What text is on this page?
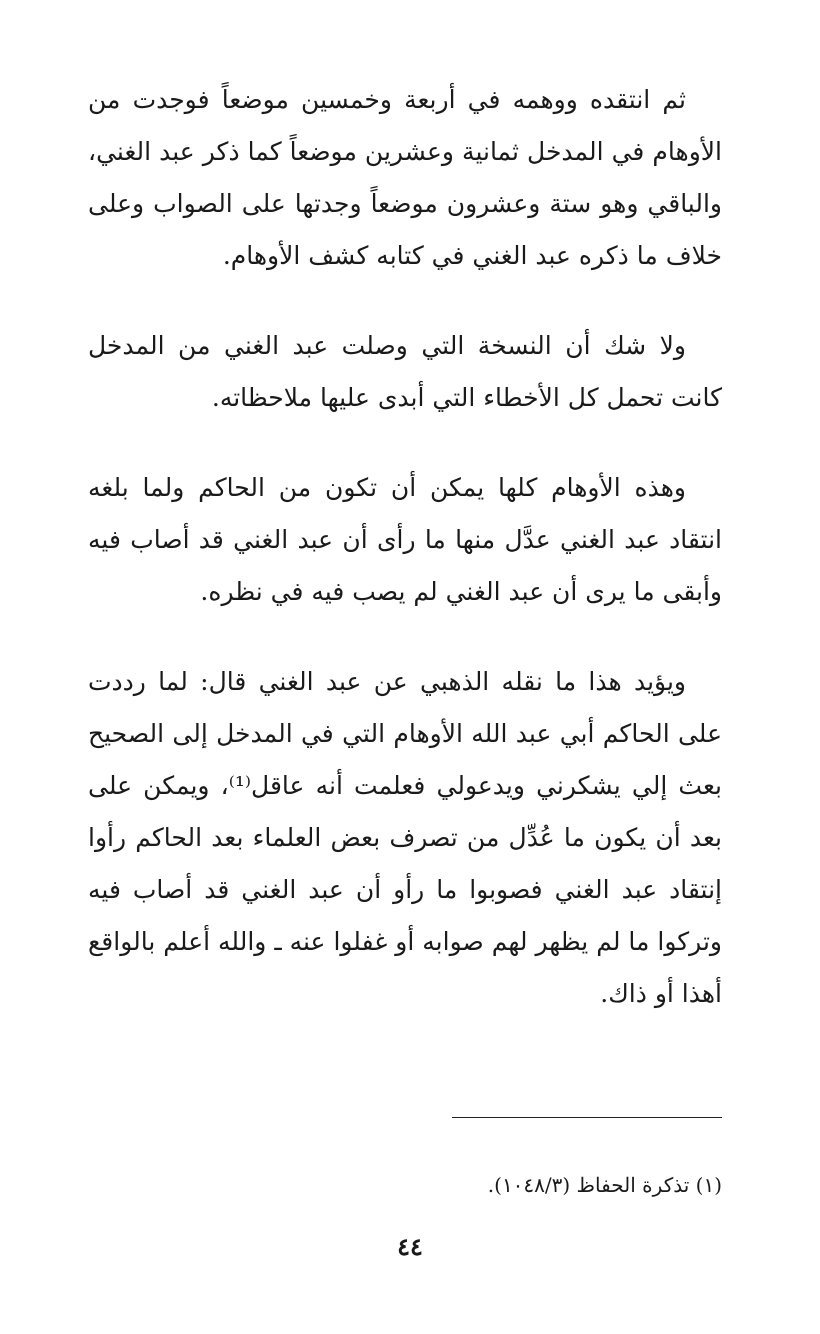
ثم انتقده ووهمه في أربعة وخمسين موضعاً فوجدت من الأوهام في المدخل ثمانية وعشرين موضعاً كما ذكر عبد الغني، والباقي وهو ستة وعشرون موضعاً وجدتها على الصواب وعلى خلاف ما ذكره عبد الغني في كتابه كشف الأوهام.

ولا شك أن النسخة التي وصلت عبد الغني من المدخل كانت تحمل كل الأخطاء التي أبدى عليها ملاحظاته.

وهذه الأوهام كلها يمكن أن تكون من الحاكم ولما بلغه انتقاد عبد الغني عدَّل منها ما رأى أن عبد الغني قد أصاب فيه وأبقى ما يرى أن عبد الغني لم يصب فيه في نظره.

ويؤيد هذا ما نقله الذهبي عن عبد الغني قال: لما رددت على الحاكم أبي عبد الله الأوهام التي في المدخل إلى الصحيح بعث إلي يشكرني ويدعولي فعلمت أنه عاقل⁽¹⁾، ويمكن على بعد أن يكون ما عُدِّل من تصرف بعض العلماء بعد الحاكم رأوا إنتقاد عبد الغني فصوبوا ما رأو أن عبد الغني قد أصاب فيه وتركوا ما لم يظهر لهم صوابه أو غفلوا عنه ـ والله أعلم بالواقع أهذا أو ذاك.

(١) تذكرة الحفاظ (١٠٤٨/٣).
٤٤
